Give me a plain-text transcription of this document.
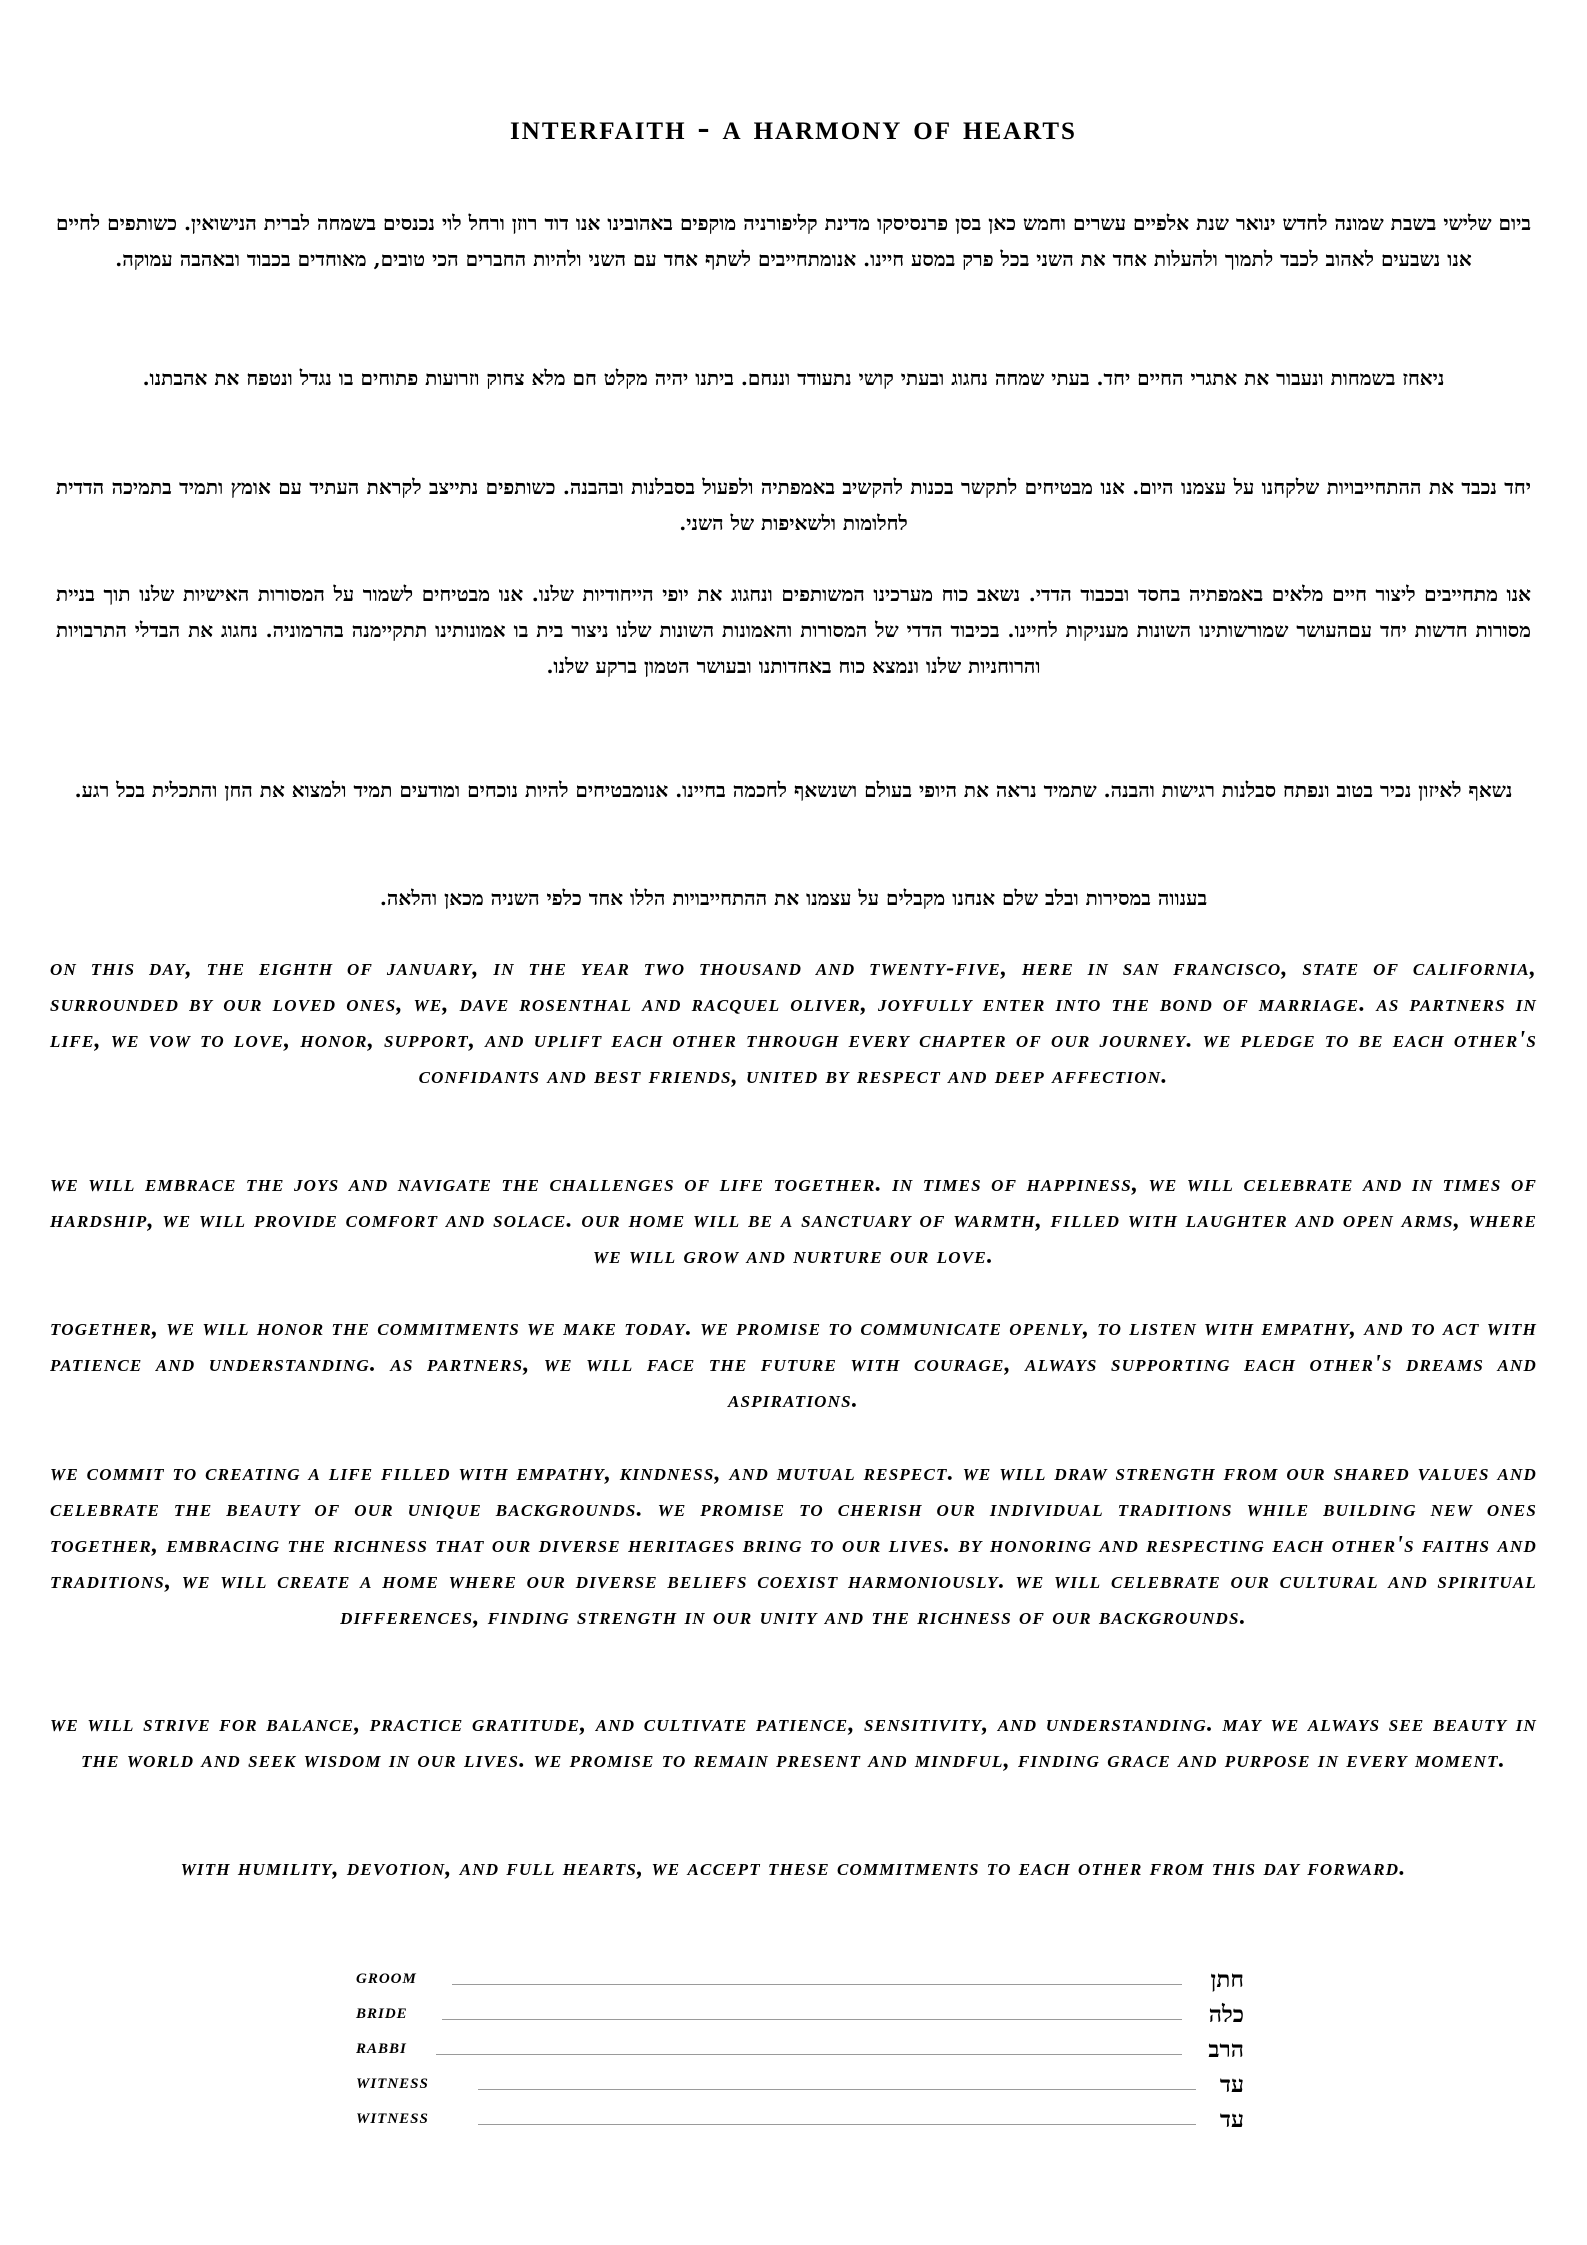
interfaith - a harmony of hearts

ביום שלישי בשבת שמונה לחדש ינואר שנת אלפיים עשרים וחמש כאן בסן פרנסיסקו מדינת קליפורניה מוקפים באהובינו אנו דוד רוזן ורחל לוי נכנסים בשמחה לברית הנישואין. כשותפים לחיים אנו נשבעים לאהוב לכבד לתמוך ולהעלות אחד את השני בכל פרק במסע חיינו. אנומתחייבים לשתף אחד עם השני ולהיות החברים הכי טובים, מאוחדים בכבוד ובאהבה עמוקה.

ניאחז בשמחות ונעבור את אתגרי החיים יחד. בעתי שמחה נחגוג ובעתי קושי נתעודד וננחם. ביתנו יהיה מקלט חם מלא צחוק וזרועות פתוחים בו נגדל ונטפח את אהבתנו.

יחד נכבד את ההתחייבויות שלקחנו על עצמנו היום. אנו מבטיחים לתקשר בכנות להקשיב באמפתיה ולפעול בסבלנות ובהבנה. כשותפים נתייצב לקראת העתיד עם אומץ ותמיד בתמיכה הדדית לחלומות ולשאיפות של השני.

אנו מתחייבים ליצור חיים מלאים באמפתיה בחסד ובכבוד הדדי. נשאב כוח מערכינו המשותפים ונחגוג את יופי הייחודיות שלנו. אנו מבטיחים לשמור על המסורות האישיות שלנו תוך בניית מסורות חדשות יחד עםהעושר שמורשותינו השונות מעניקות לחיינו. בכיבוד הדדי של המסורות והאמונות השונות שלנו ניצור בית בו אמונותינו תתקיימנה בהרמוניה. נחגוג את הבדלי התרבויות והרוחניות שלנו ונמצא כוח באחדותנו ובעושר הטמון ברקע שלנו.

נשאף לאיזון נכיר בטוב ונפתח סבלנות רגישות והבנה. שתמיד נראה את היופי בעולם ושנשאף לחכמה בחיינו. אנומבטיחים להיות נוכחים ומודעים תמיד ולמצוא את החן והתכלית בכל רגע.

בענווה במסירות ובלב שלם אנחנו מקבלים על עצמנו את ההתחייבויות הללו אחד כלפי השניה מכאן והלאה.

on this day, the eighth of january, in the year two thousand and twenty-five, here in san francisco, state of california, surrounded by our loved ones, we, dave rosenthal and racquel oliver, joyfully enter into the bond of marriage. as partners in life, we vow to love, honor, support, and uplift each other through every chapter of our journey. we pledge to be each other's confidants and best friends, united by respect and deep affection.

we will embrace the joys and navigate the challenges of life together. in times of happiness, we will celebrate and in times of hardship, we will provide comfort and solace. our home will be a sanctuary of warmth, filled with laughter and open arms, where we will grow and nurture our love.

together, we will honor the commitments we make today. we promise to communicate openly, to listen with empathy, and to act with patience and understanding. as partners, we will face the future with courage, always supporting each other's dreams and aspirations.

we commit to creating a life filled with empathy, kindness, and mutual respect. we will draw strength from our shared values and celebrate the beauty of our unique backgrounds. we promise to cherish our individual traditions while building new ones together, embracing the richness that our diverse heritages bring to our lives. by honoring and respecting each other's faiths and traditions, we will create a home where our diverse beliefs coexist harmoniously. we will celebrate our cultural and spiritual differences, finding strength in our unity and the richness of our backgrounds.

we will strive for balance, practice gratitude, and cultivate patience, sensitivity, and understanding. may we always see beauty in the world and seek wisdom in our lives. we promise to remain present and mindful, finding grace and purpose in every moment.

with humility, devotion, and full hearts, we accept these commitments to each other from this day forward.

groom	חתן
bride	כלה
rabbi	הרב
witness	עד
witness	עד
